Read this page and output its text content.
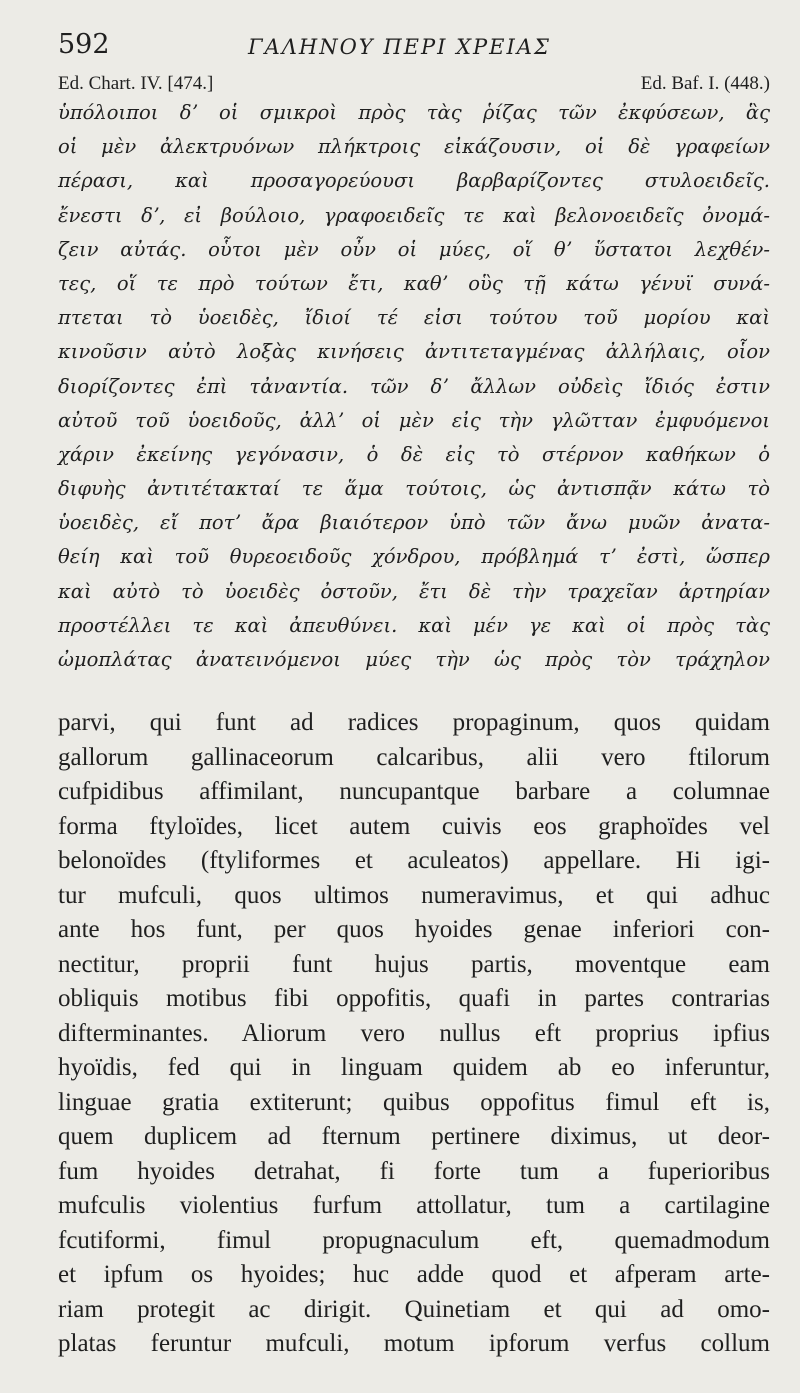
592	ΓΑΛΗΝΟΥ ΠΕΡΙ ΧΡΕΙΑΣ
Ed. Chart. IV. [474.]	Ed. Baf. I. (448.)
ὑπόλοιποι δʼ οἱ σμικροὶ πρὸς τὰς ῥίζας τῶν ἐκφύσεων, ἃς
οἱ μὲν ἀλεκτρυόνων πλήκτροις εἰκάζουσιν, οἱ δὲ γραφείων
πέρασι, καὶ προσαγορεύουσι βαρβαρίζοντες στυλοειδεῖς.
ἔνεστι δʼ, εἰ βούλοιο, γραφοειδεῖς τε καὶ βελονοειδεῖς ὀνομά-
ζειν αὐτάς. οὗτοι μὲν οὖν οἱ μύες, οἵ θʼ ὕστατοι λεχθέν-
τες, οἵ τε πρὸ τούτων ἔτι, καθʼ οὓς τῇ κάτω γένυϊ συνά-
πτεται τὸ ὑοειδὲς, ἴδιοί τέ εἰσι τούτου τοῦ μορίου καὶ
κινοῦσιν αὐτὸ λοξὰς κινήσεις ἀντιτεταγμένας ἀλλήλαις, οἷον
διορίζοντες ἐπὶ τἀναντία. τῶν δʼ ἄλλων οὐδεὶς ἴδιός ἐστιν
αὐτοῦ τοῦ ὑοειδοῦς, ἀλλʼ οἱ μὲν εἰς τὴν γλῶτταν ἐμφυόμενοι
χάριν ἐκείνης γεγόνασιν, ὁ δὲ εἰς τὸ στέρνον καθήκων ὁ
διφυὴς ἀντιτέτακταί τε ἅμα τούτοις, ὡς ἀντισπᾷν κάτω τὸ
ὑοειδὲς, εἴ ποτʼ ἄρα βιαιότερον ὑπὸ τῶν ἄνω μυῶν ἀνατα-
θείη καὶ τοῦ θυρεοειδοῦς χόνδρου, πρόβλημά τʼ ἐστὶ, ὥσπερ
καὶ αὐτὸ τὸ ὑοειδὲς ὀστοῦν, ἔτι δὲ τὴν τραχεῖαν ἀρτηρίαν
προστέλλει τε καὶ ἀπευθύνει. καὶ μέν γε καὶ οἱ πρὸς τὰς
ὠμοπλάτας ἀνατεινόμενοι μύες τὴν ὡς πρὸς τὸν τράχηλον
parvi, qui funt ad radices propaginum, quos quidam
gallorum gallinaceorum calcaribus, alii vero ftilorum
cufpidibus affimilant, nuncupantque barbare a columnae
forma ftyloïdes, licet autem cuivis eos graphoïdes vel
belonoïdes (ftyliformes et aculeatos) appellare. Hi igi-
tur mufculi, quos ultimos numeravimus, et qui adhuc
ante hos funt, per quos hyoides genae inferiori con-
nectitur, proprii funt hujus partis, moventque eam
obliquis motibus fibi oppofitis, quafi in partes contrarias
difterminantes. Aliorum vero nullus eft proprius ipfius
hyoïdis, fed qui in linguam quidem ab eo inferuntur,
linguae gratia extiterunt; quibus oppofitus fimul eft is,
quem duplicem ad fternum pertinere diximus, ut deor-
fum hyoides detrahat, fi forte tum a fuperioribus
mufculis violentius furfum attollatur, tum a cartilagine
fcutiformi, fimul propugnaculum eft, quemadmodum
et ipfum os hyoides; huc adde quod et afperam arte-
riam protegit ac dirigit. Quinetiam et qui ad omo-
platas feruntur mufculi, motum ipforum verfus collum
